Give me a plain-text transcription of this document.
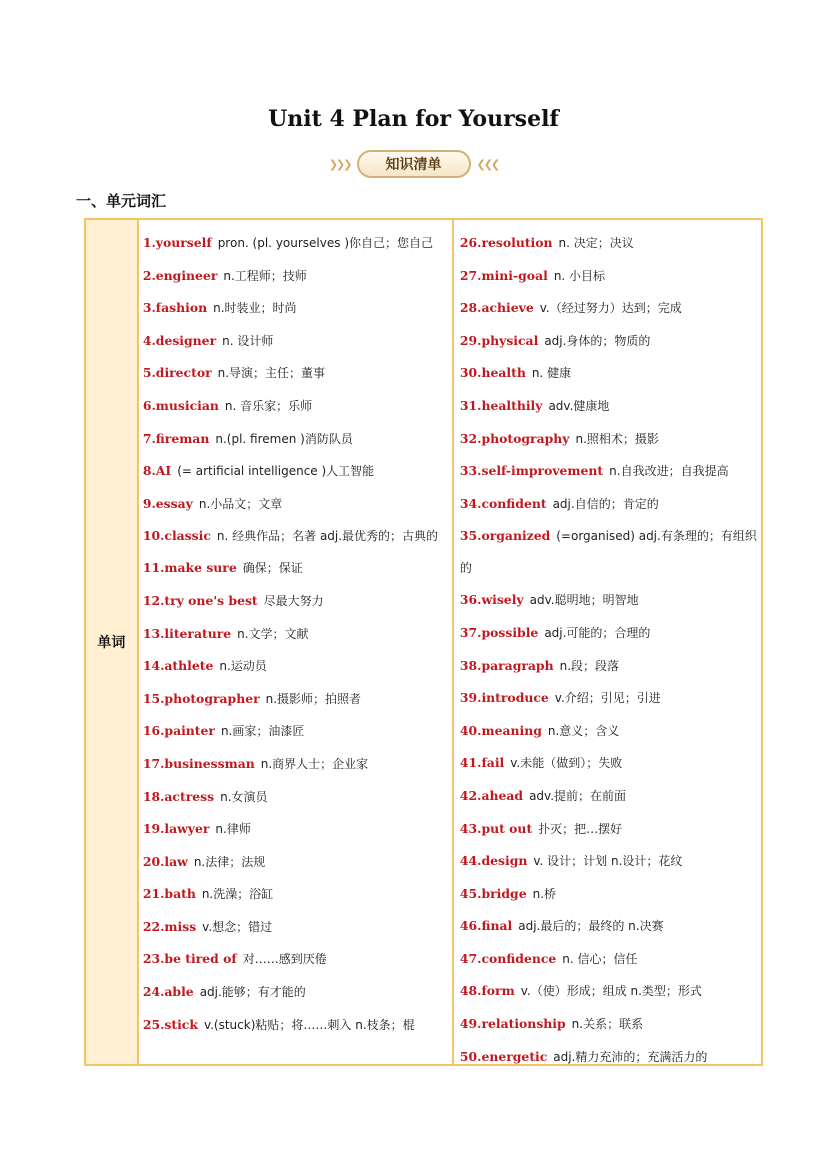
Unit 4 Plan for Yourself
❯❯❯	知识清单	❮❮❮
一、单元词汇
单词
1.yourself pron. (pl. yourselves )你自己；您自己
2.engineer n.工程师；技师
3.fashion n.时装业；时尚
4.designer n. 设计师
5.director n.导演；主任；董事
6.musician n. 音乐家；乐师
7.fireman n.(pl. firemen )消防队员
8.AI (= artificial intelligence )人工智能
9.essay n.小品文；文章
10.classic n. 经典作品；名著 adj.最优秀的；古典的
11.make sure 确保；保证
12.try one's best 尽最大努力
13.literature n.文学；文献
14.athlete n.运动员
15.photographer n.摄影师；拍照者
16.painter n.画家；油漆匠
17.businessman n.商界人士；企业家
18.actress n.女演员
19.lawyer n.律师
20.law n.法律；法规
21.bath n.洗澡；浴缸
22.miss v.想念；错过
23.be tired of 对……感到厌倦
24.able adj.能够；有才能的
25.stick v.(stuck)粘贴；将……刺入 n.枝条；棍
26.resolution n. 决定；决议
27.mini-goal n. 小目标
28.achieve v.（经过努力）达到；完成
29.physical adj.身体的；物质的
30.health n. 健康
31.healthily adv.健康地
32.photography n.照相术；摄影
33.self-improvement n.自我改进；自我提高
34.confident adj.自信的；肯定的
35.organized (=organised) adj.有条理的；有组织的
36.wisely adv.聪明地；明智地
37.possible adj.可能的；合理的
38.paragraph n.段；段落
39.introduce v.介绍；引见；引进
40.meaning n.意义；含义
41.fail v.未能（做到）；失败
42.ahead adv.提前；在前面
43.put out 扑灭；把…摆好
44.design v. 设计；计划 n.设计；花纹
45.bridge n.桥
46.final adj.最后的；最终的 n.决赛
47.confidence n. 信心；信任
48.form v.（使）形成；组成 n.类型；形式
49.relationship n.关系；联系
50.energetic adj.精力充沛的；充满活力的
